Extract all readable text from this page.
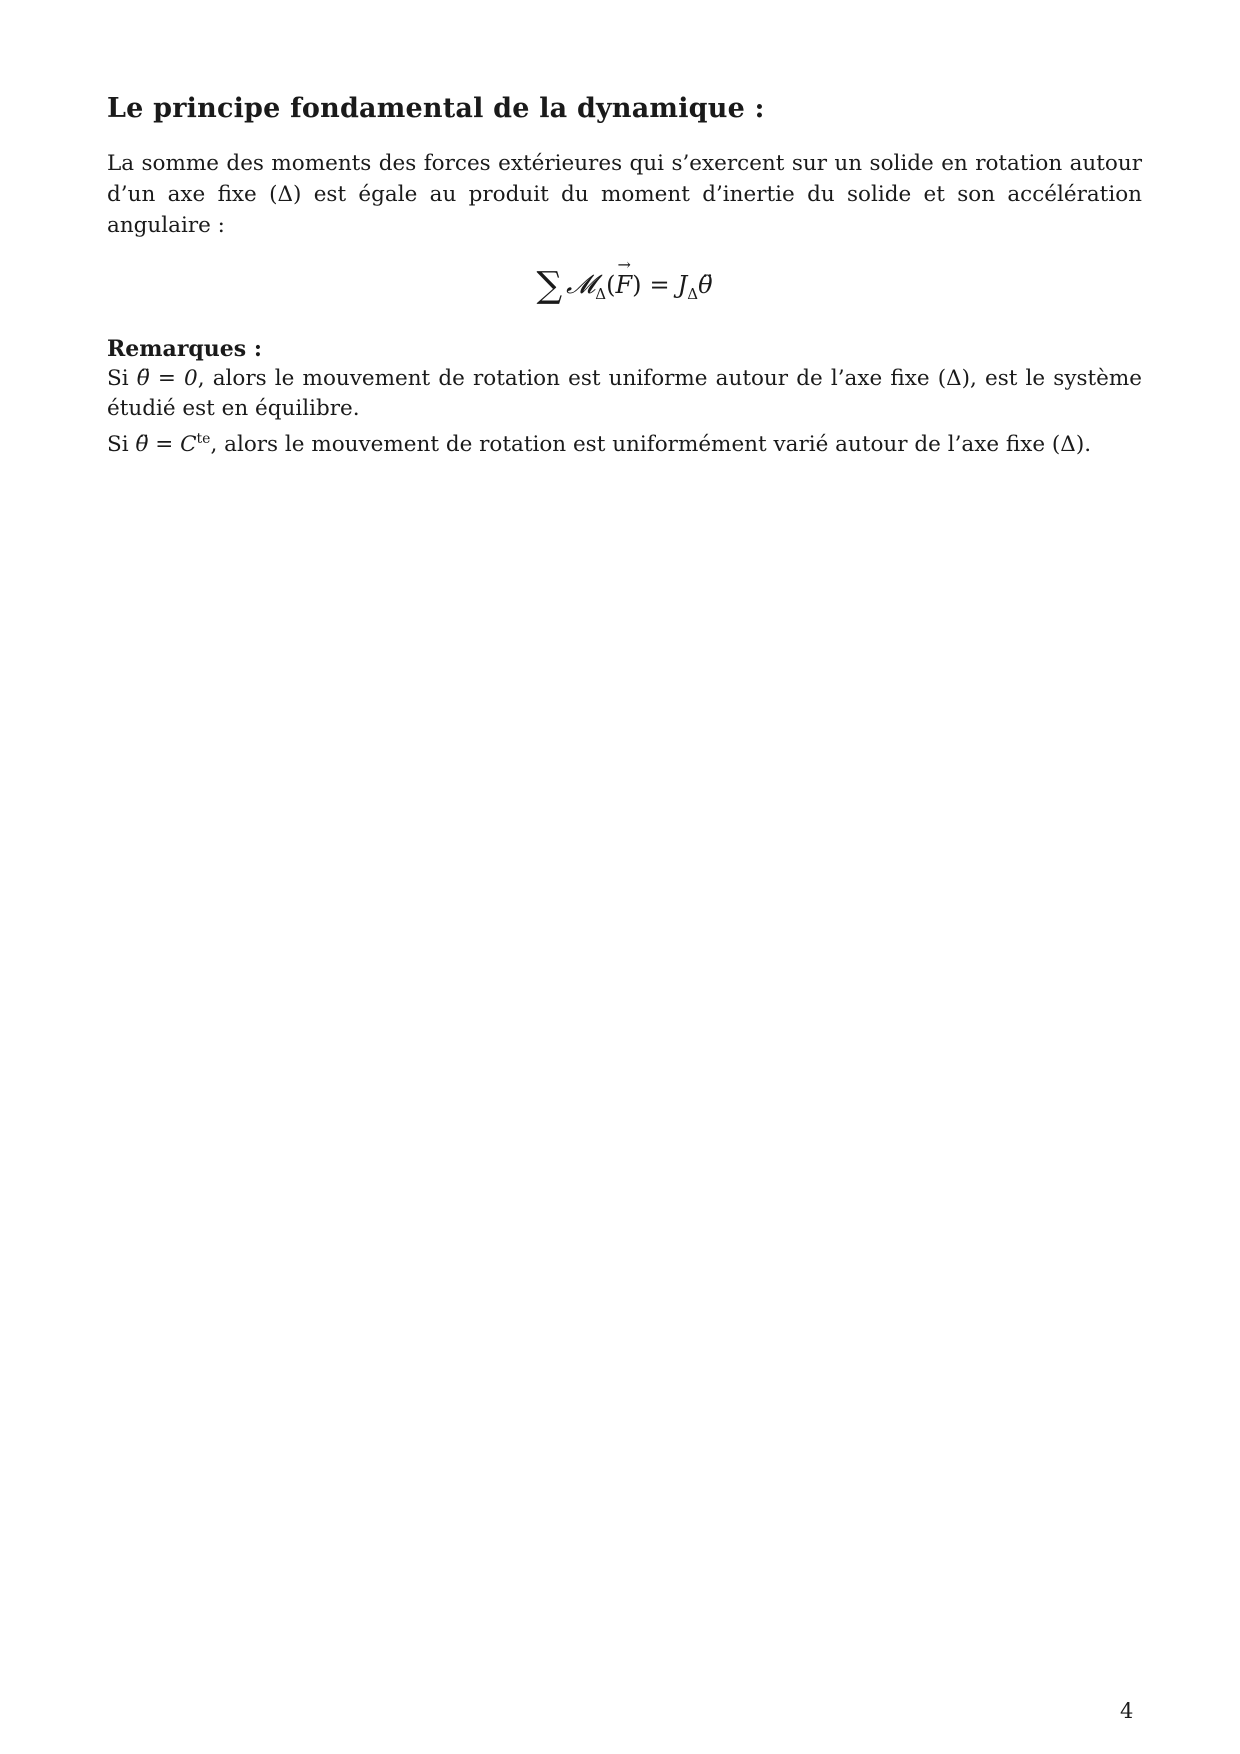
Le principe fondamental de la dynamique :

La somme des moments des forces extérieures qui s’exercent sur un solide en rotation autour d’un axe fixe (Δ) est égale au produit du moment d’inertie du solide et son accélération angulaire :

∑ 𝓜$_\Delta$(→ $F) = J_\Delta\thetä$
Remarques :

Si θ̈ = 0, alors le mouvement de rotation est uniforme autour de l’axe fixe (Δ), est le système étudié est en équilibre.

Si θ̈ = $C^{te}$, alors le mouvement de rotation est uniformément varié autour de l’axe fixe (Δ).

4
